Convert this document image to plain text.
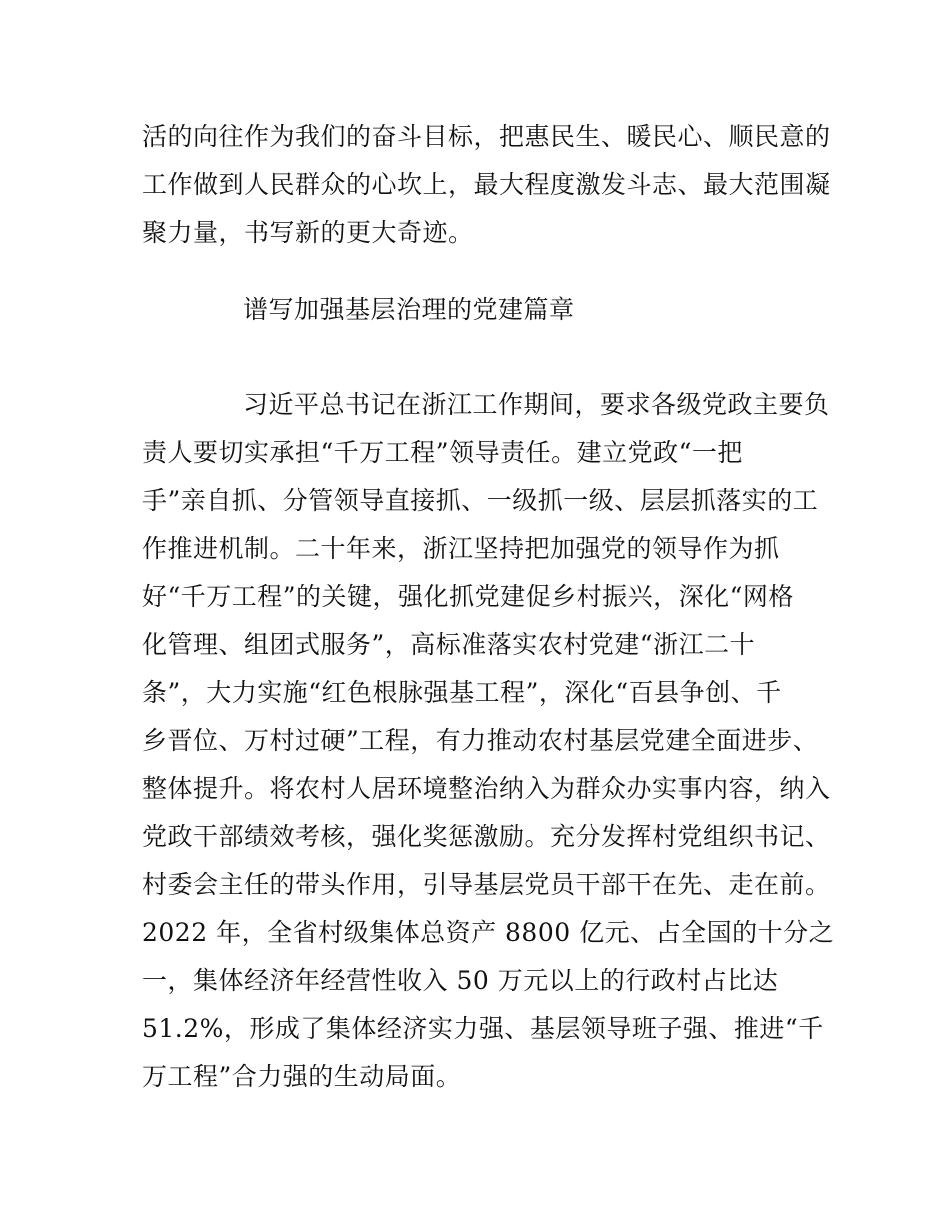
活的向往作为我们的奋斗目标，把惠民生、暖民心、顺民意的
工作做到人民群众的心坎上，最大程度激发斗志、最大范围凝
聚力量，书写新的更大奇迹。
谱写加强基层治理的党建篇章
习近平总书记在浙江工作期间，要求各级党政主要负
责人要切实承担“千万工程”领导责任。建立党政“一把
手”亲自抓、分管领导直接抓、一级抓一级、层层抓落实的工
作推进机制。二十年来，浙江坚持把加强党的领导作为抓
好“千万工程”的关键，强化抓党建促乡村振兴，深化“网格
化管理、组团式服务”，高标准落实农村党建“浙江二十
条”，大力实施“红色根脉强基工程”，深化“百县争创、千
乡晋位、万村过硬”工程，有力推动农村基层党建全面进步、
整体提升。将农村人居环境整治纳入为群众办实事内容，纳入
党政干部绩效考核，强化奖惩激励。充分发挥村党组织书记、
村委会主任的带头作用，引导基层党员干部干在先、走在前。
2022 年，全省村级集体总资产 8800 亿元、占全国的十分之
一，集体经济年经营性收入 50 万元以上的行政村占比达
51.2%，形成了集体经济实力强、基层领导班子强、推进“千
万工程”合力强的生动局面。
